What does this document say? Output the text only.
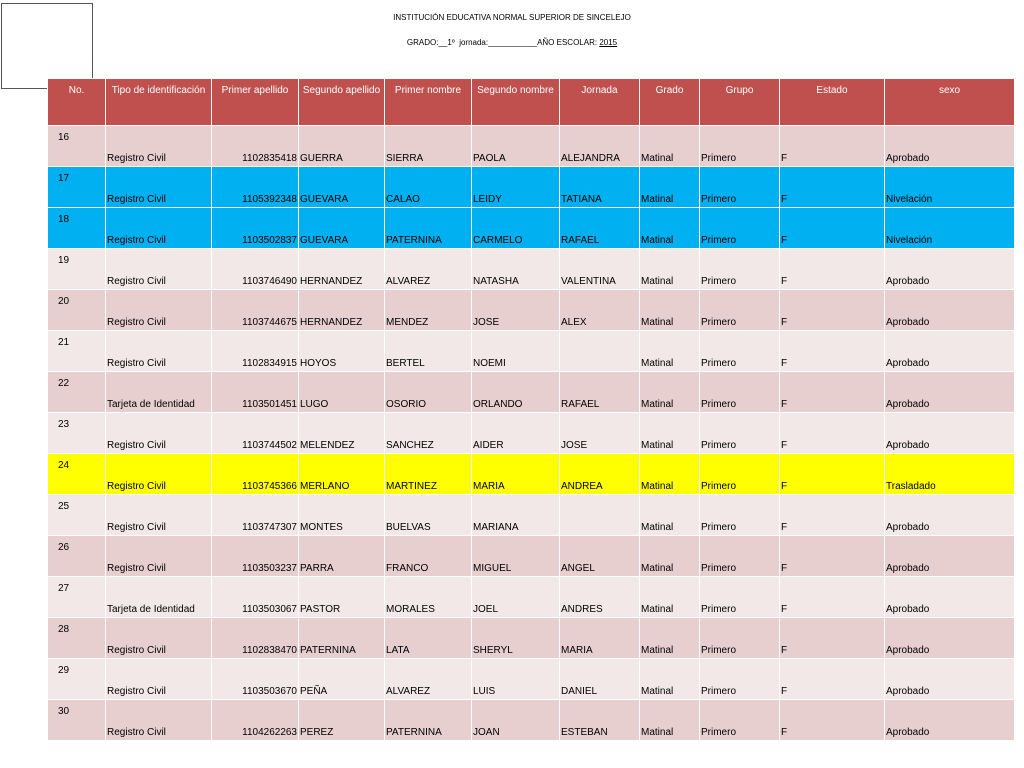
INSTITUCIÓN EDUCATIVA NORMAL SUPERIOR DE SINCELEJO
GRADO:__1º jornada:___________AÑO ESCOLAR: 2015
No.	Tipo de identificación	Primer apellido	Segundo apellido	Primer nombre	Segundo nombre	Jornada	Grado	Grupo	Estado	sexo

16	Registro Civil	1102835418	GUERRA	SIERRA	PAOLA	ALEJANDRA	Matinal	Primero	F	Aprobado

17	Registro Civil	1105392348	GUEVARA	CALAO	LEIDY	TATIANA	Matinal	Primero	F	Nivelación

18	Registro Civil	1103502837	GUEVARA	PATERNINA	CARMELO	RAFAEL	Matinal	Primero	F	Nivelación

19	Registro Civil	1103746490	HERNANDEZ	ALVAREZ	NATASHA	VALENTINA	Matinal	Primero	F	Aprobado

20	Registro Civil	1103744675	HERNANDEZ	MENDEZ	JOSE	ALEX	Matinal	Primero	F	Aprobado

21	Registro Civil	1102834915	HOYOS	BERTEL	NOEMI		Matinal	Primero	F	Aprobado

22	Tarjeta de Identidad	1103501451	LUGO	OSORIO	ORLANDO	RAFAEL	Matinal	Primero	F	Aprobado

23	Registro Civil	1103744502	MELENDEZ	SANCHEZ	AIDER	JOSE	Matinal	Primero	F	Aprobado

24	Registro Civil	1103745366	MERLANO	MARTINEZ	MARIA	ANDREA	Matinal	Primero	F	Trasladado

25	Registro Civil	1103747307	MONTES	BUELVAS	MARIANA		Matinal	Primero	F	Aprobado

26	Registro Civil	1103503237	PARRA	FRANCO	MIGUEL	ANGEL	Matinal	Primero	F	Aprobado

27	Tarjeta de Identidad	1103503067	PASTOR	MORALES	JOEL	ANDRES	Matinal	Primero	F	Aprobado

28	Registro Civil	1102838470	PATERNINA	LATA	SHERYL	MARIA	Matinal	Primero	F	Aprobado

29	Registro Civil	1103503670	PEÑA	ALVAREZ	LUIS	DANIEL	Matinal	Primero	F	Aprobado

30	Registro Civil	1104262263	PEREZ	PATERNINA	JOAN	ESTEBAN	Matinal	Primero	F	Aprobado
